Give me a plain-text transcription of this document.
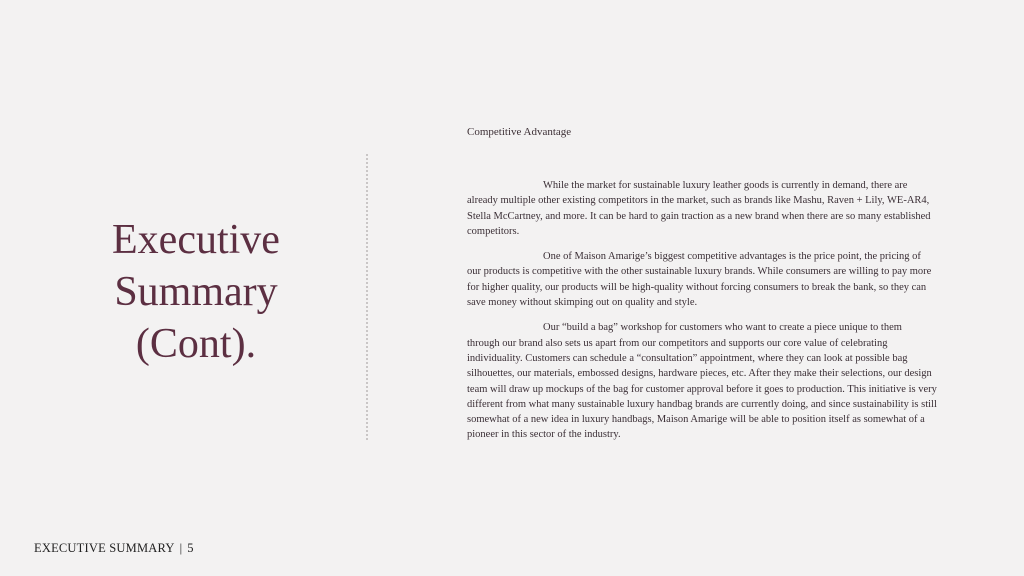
Executive
Summary
(Cont).
Competitive Advantage

While the market for sustainable luxury leather goods is currently in demand, there are already multiple other existing competitors in the market, such as brands like Mashu, Raven + Lily, WE-AR4, Stella McCartney, and more. It can be hard to gain traction as a new brand when there are so many established competitors.

One of Maison Amarige’s biggest competitive advantages is the price point, the pricing of our products is competitive with the other sustainable luxury brands. While consumers are willing to pay more for higher quality, our products will be high-quality without forcing consumers to break the bank, so they can save money without skimping out on quality and style.

Our “build a bag” workshop for customers who want to create a piece unique to them through our brand also sets us apart from our competitors and supports our core value of celebrating individuality. Customers can schedule a “consultation” appointment, where they can look at possible bag silhouettes, our materials, embossed designs, hardware pieces, etc. After they make their selections, our design team will draw up mockups of the bag for customer approval before it goes to production. This initiative is very different from what many sustainable luxury handbag brands are currently doing, and since sustainability is still somewhat of a new idea in luxury handbags, Maison Amarige will be able to position itself as somewhat of a pioneer in this sector of the industry.

EXECUTIVE SUMMARY | 5
